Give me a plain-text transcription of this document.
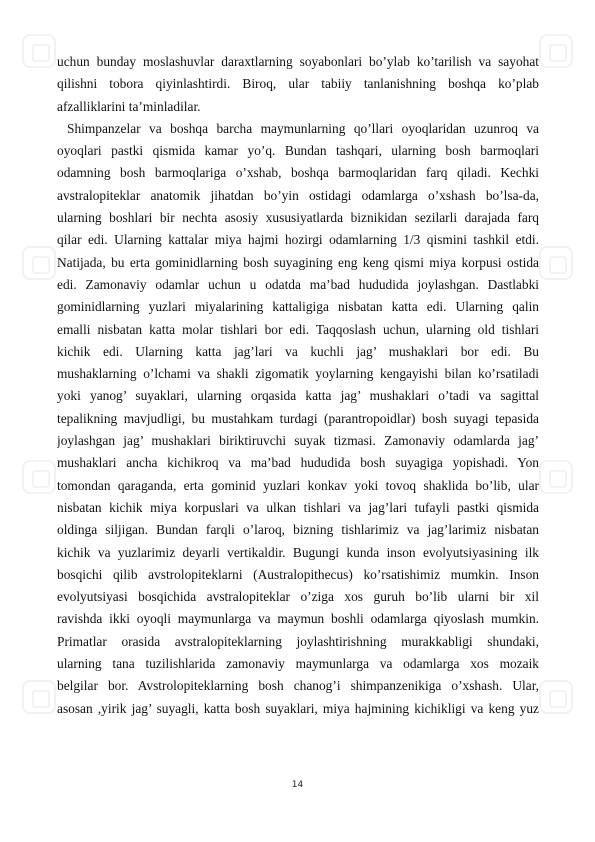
uchun bunday moslashuvlar daraxtlarning soyabonlari bo’ylab ko’tarilish va sayohat
qilishni tobora qiyinlashtirdi. Biroq, ular tabiiy tanlanishning boshqa ko’plab
afzalliklarini ta’minladilar.
Shimpanzelar va boshqa barcha maymunlarning qo’llari oyoqlaridan uzunroq va
oyoqlari pastki qismida kamar yo’q. Bundan tashqari, ularning bosh barmoqlari
odamning bosh barmoqlariga o’xshab, boshqa barmoqlaridan farq qiladi. Kechki
avstralopiteklar anatomik jihatdan bo’yin ostidagi odamlarga o’xshash bo’lsa-da,
ularning boshlari bir nechta asosiy xususiyatlarda biznikidan sezilarli darajada farq
qilar edi. Ularning kattalar miya hajmi hozirgi odamlarning 1/3 qismini tashkil etdi.
Natijada, bu erta gominidlarning bosh suyagining eng keng qismi miya korpusi ostida
edi. Zamonaviy odamlar uchun u odatda ma’bad hududida joylashgan. Dastlabki
gominidlarning yuzlari miyalarining kattaligiga nisbatan katta edi. Ularning qalin
emalli nisbatan katta molar tishlari bor edi. Taqqoslash uchun, ularning old tishlari
kichik edi. Ularning katta jag’lari va kuchli jag’ mushaklari bor edi. Bu
mushaklarning o’lchami va shakli zigomatik yoylarning kengayishi bilan ko’rsatiladi
yoki yanog’ suyaklari, ularning orqasida katta jag’ mushaklari o’tadi va sagittal
tepalikning mavjudligi, bu mustahkam turdagi (parantropoidlar) bosh suyagi tepasida
joylashgan jag’ mushaklari biriktiruvchi suyak tizmasi. Zamonaviy odamlarda jag’
mushaklari ancha kichikroq va ma’bad hududida bosh suyagiga yopishadi. Yon
tomondan qaraganda, erta gominid yuzlari konkav yoki tovoq shaklida bo’lib, ular
nisbatan kichik miya korpuslari va ulkan tishlari va jag’lari tufayli pastki qismida
oldinga siljigan. Bundan farqli o’laroq, bizning tishlarimiz va jag’larimiz nisbatan
kichik va yuzlarimiz deyarli vertikaldir. Bugungi kunda inson evolyutsiyasining ilk
bosqichi qilib avstrolopiteklarni (Australopithecus) ko’rsatishimiz mumkin. Inson
evolyutsiyasi bosqichida avstralopiteklar o’ziga xos guruh bo’lib ularni bir xil
ravishda ikki oyoqli maymunlarga va maymun boshli odamlarga qiyoslash mumkin.
Primatlar orasida avstralopiteklarning joylashtirishning murakkabligi shundaki,
ularning tana tuzilishlarida zamonaviy maymunlarga va odamlarga xos mozaik
belgilar bor. Avstrolopiteklarning bosh chanog’i shimpanzenikiga o’xshash. Ular,
asosan ,yirik jag’ suyagli, katta bosh suyaklari, miya hajmining kichikligi va keng yuz
14
